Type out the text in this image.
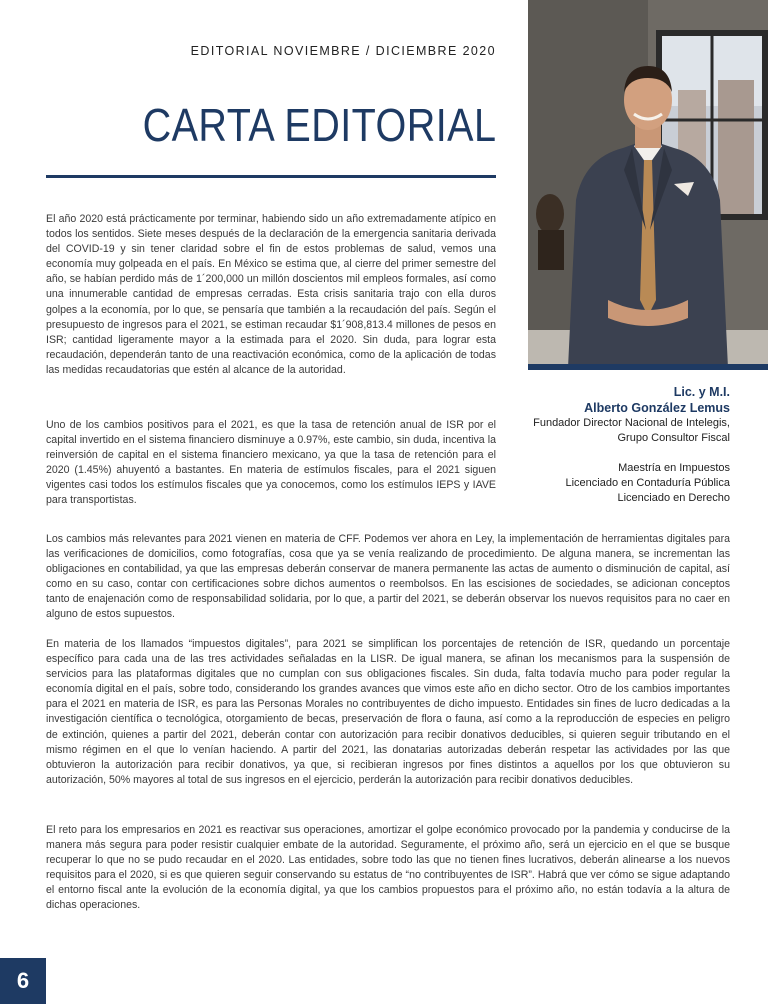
EDITORIAL NOVIEMBRE / DICIEMBRE 2020
CARTA EDITORIAL

El año 2020 está prácticamente por terminar, habiendo sido un año extremadamente atípico en todos los sentidos. Siete meses después de la declaración de la emergencia sanitaria derivada del COVID-19 y sin tener claridad sobre el fin de estos problemas de salud, vemos una economía muy golpeada en el país. En México se estima que, al cierre del primer semestre del año, se habían perdido más de 1´200,000 un millón doscientos mil empleos formales, así como una innumerable cantidad de empresas cerradas. Esta crisis sanitaria trajo con ella duros golpes a la economía, por lo que, se pensaría que también a la recaudación del país. Según el presupuesto de ingresos para el 2021, se estiman recaudar $1´908,813.4 millones de pesos en ISR; cantidad ligeramente mayor a la estimada para el 2020. Sin duda, para lograr esta recaudación, dependerán tanto de una reactivación económica, como de la aplicación de todas las medidas recaudatorias que estén al alcance de la autoridad.

Uno de los cambios positivos para el 2021, es que la tasa de retención anual de ISR por el capital invertido en el sistema financiero disminuye a 0.97%, este cambio, sin duda, incentiva la reinversión de capital en el sistema financiero mexicano, ya que la tasa de retención para el 2020 (1.45%) ahuyentó a bastantes. En materia de estímulos fiscales, para el 2021 siguen vigentes casi todos los estímulos fiscales que ya conocemos, como los estímulos IEPS y IAVE para transportistas.

Los cambios más relevantes para 2021 vienen en materia de CFF. Podemos ver ahora en Ley, la implementación de herramientas digitales para las verificaciones de domicilios, como fotografías, cosa que ya se venía realizando de procedimiento. De alguna manera, se incrementan las obligaciones en contabilidad, ya que las empresas deberán conservar de manera permanente las actas de aumento o disminución de capital, así como en su caso, contar con certificaciones sobre dichos aumentos o reembolsos. En las escisiones de sociedades, se adicionan conceptos tanto de enajenación como de responsabilidad solidaria, por lo que, a partir del 2021, se deberán observar los nuevos requisitos para no caer en alguno de estos supuestos.

En materia de los llamados “impuestos digitales”, para 2021 se simplifican los porcentajes de retención de ISR, quedando un porcentaje específico para cada una de las tres actividades señaladas en la LISR. De igual manera, se afinan los mecanismos para la suspensión de servicios para las plataformas digitales que no cumplan con sus obligaciones fiscales. Sin duda, falta todavía mucho para poder regular la economía digital en el país, sobre todo, considerando los grandes avances que vimos este año en dicho sector. Otro de los cambios importantes para el 2021 en materia de ISR, es para las Personas Morales no contribuyentes de dicho impuesto. Entidades sin fines de lucro dedicadas a la investigación científica o tecnológica, otorgamiento de becas, preservación de flora o fauna, así como a la reproducción de especies en peligro de extinción, quienes a partir del 2021, deberán contar con autorización para recibir donativos deducibles, si quieren seguir tributando en el mismo régimen en el que lo venían haciendo. A partir del 2021, las donatarias autorizadas deberán respetar las actividades por las que obtuvieron la autorización para recibir donativos, ya que, si recibieran ingresos por fines distintos a aquellos por los que obtuvieron su autorización, 50% mayores al total de sus ingresos en el ejercicio, perderán la autorización para recibir donativos deducibles.

El reto para los empresarios en 2021 es reactivar sus operaciones, amortizar el golpe económico provocado por la pandemia y conducirse de la manera más segura para poder resistir cualquier embate de la autoridad. Seguramente, el próximo año, será un ejercicio en el que se busque recuperar lo que no se pudo recaudar en el 2020. Las entidades, sobre todo las que no tienen fines lucrativos, deberán alinearse a los nuevos requisitos para el 2020, si es que quieren seguir conservando su estatus de “no contribuyentes de ISR”. Habrá que ver cómo se sigue adaptando el entorno fiscal ante la evolución de la economía digital, ya que los cambios propuestos para el próximo año, no están todavía a la altura de dichas operaciones.

Lic. y M.I.
Alberto González Lemus
Fundador Director Nacional de Intelegis,
Grupo Consultor Fiscal
Maestría en Impuestos
Licenciado en Contaduría Pública
Licenciado en Derecho
6
